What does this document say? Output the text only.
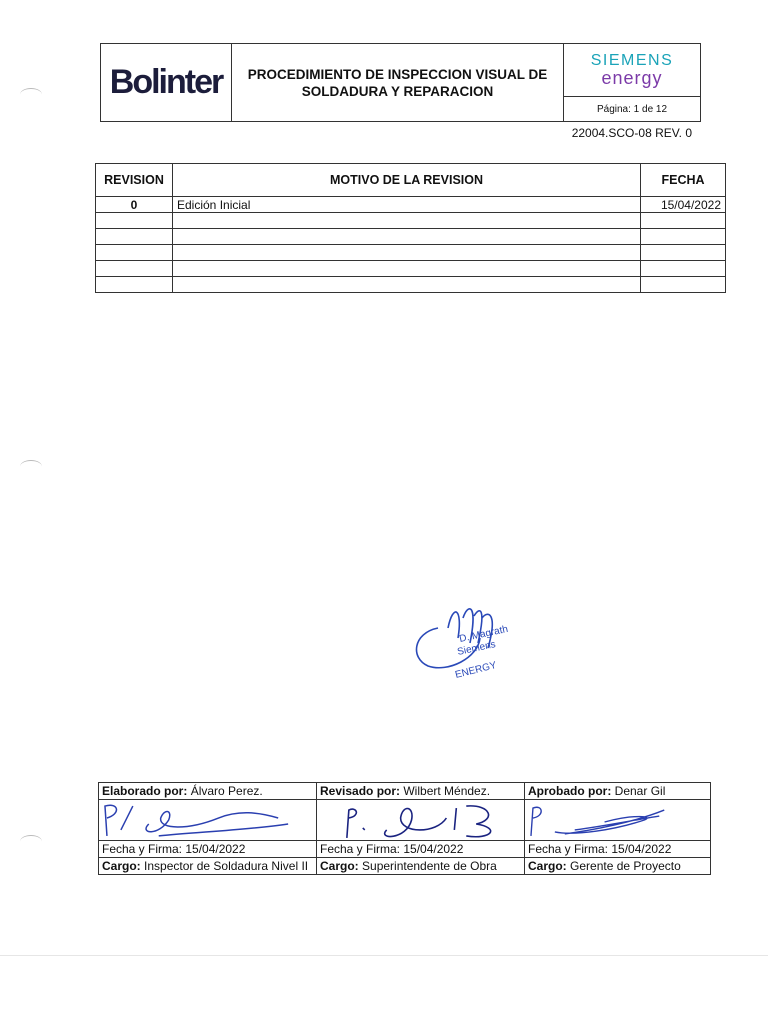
Bolinter	PROCEDIMIENTO DE INSPECCION VISUAL DE SOLDADURA Y REPARACION
SIEMENS
energy
Página: 1 de 12
22004.SCO-08 REV. 0
REVISION	MOTIVO DE LA REVISION	FECHA
0	Edición Inicial	15/04/2022

D. Magrath
Siemens
ENERGY
Elaborado por: Álvaro Perez.	Revisado por: Wilbert Méndez.	Aprobado por: Denar Gil

Fecha y Firma: 15/04/2022	Fecha y Firma: 15/04/2022	Fecha y Firma: 15/04/2022
Cargo: Inspector de Soldadura Nivel II	Cargo: Superintendente de Obra	Cargo: Gerente de Proyecto
